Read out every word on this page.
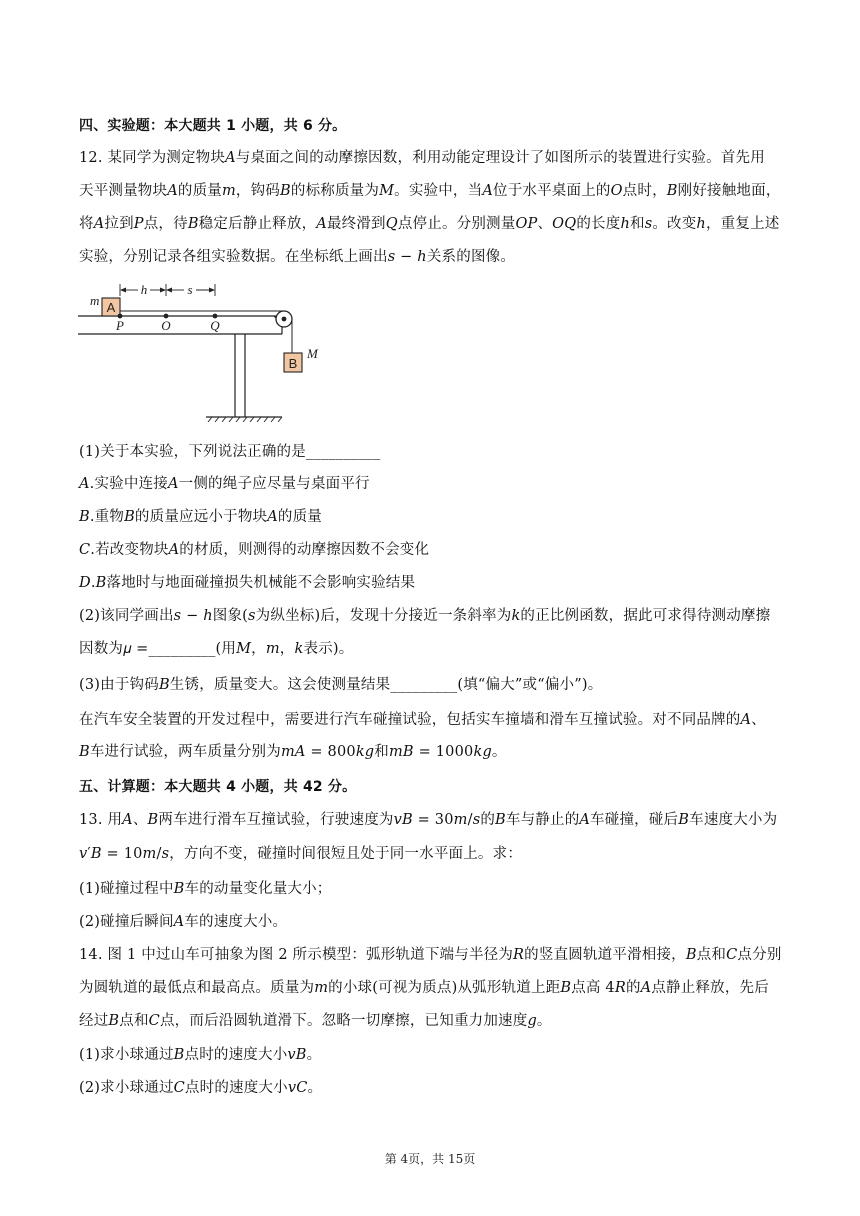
四、实验题：本大题共 1 小题，共 6 分。
12. 某同学为测定物块𝐴与桌面之间的动摩擦因数，利用动能定理设计了如图所示的装置进行实验。首先用
天平测量物块𝐴的质量𝑚，钩码𝐵的标称质量为𝑀。实验中，当𝐴位于水平桌面上的𝑂点时，𝐵刚好接触地面，
将𝐴拉到𝑃点，待𝐵稳定后静止释放，𝐴最终滑到𝑄点停止。分别测量𝑂𝑃、𝑂𝑄的长度ℎ和𝑠。改变ℎ，重复上述
实验，分别记录各组实验数据。在坐标纸上画出𝑠 − ℎ关系的图像。
A
m
B
M
h	s
P	O	Q
(1)关于本实验，下列说法正确的是__________
𝐴.实验中连接𝐴一侧的绳子应尽量与桌面平行
𝐵.重物𝐵的质量应远小于物块𝐴的质量
𝐶.若改变物块𝐴的材质，则测得的动摩擦因数不会变化
𝐷.𝐵落地时与地面碰撞损失机械能不会影响实验结果
(2)该同学画出𝑠 − ℎ图象(𝑠为纵坐标)后，发现十分接近一条斜率为𝑘的正比例函数，据此可求得待测动摩擦
因数为𝜇 =_________(用𝑀，𝑚，𝑘表示)。
(3)由于钩码𝐵生锈，质量变大。这会使测量结果_________(填“偏大”或“偏小”)。
在汽车安全装置的开发过程中，需要进行汽车碰撞试验，包括实车撞墙和滑车互撞试验。对不同品牌的𝐴、
𝐵车进行试验，两车质量分别为𝑚𝐴 = 800𝑘𝑔和𝑚𝐵 = 1000𝑘𝑔。
五、计算题：本大题共 4 小题，共 42 分。
13. 用𝐴、𝐵两车进行滑车互撞试验，行驶速度为𝑣𝐵 = 30𝑚/𝑠的𝐵车与静止的𝐴车碰撞，碰后𝐵车速度大小为
𝑣′𝐵 = 10𝑚/𝑠，方向不变，碰撞时间很短且处于同一水平面上。求：
(1)碰撞过程中𝐵车的动量变化量大小；
(2)碰撞后瞬间𝐴车的速度大小。
14. 图 1 中过山车可抽象为图 2 所示模型：弧形轨道下端与半径为𝑅的竖直圆轨道平滑相接，𝐵点和𝐶点分别
为圆轨道的最低点和最高点。质量为𝑚的小球(可视为质点)从弧形轨道上距𝐵点高 4𝑅的𝐴点静止释放，先后
经过𝐵点和𝐶点，而后沿圆轨道滑下。忽略一切摩擦，已知重力加速度𝑔。
(1)求小球通过𝐵点时的速度大小𝑣𝐵。
(2)求小球通过𝐶点时的速度大小𝑣𝐶。
第 4页，共 15页
